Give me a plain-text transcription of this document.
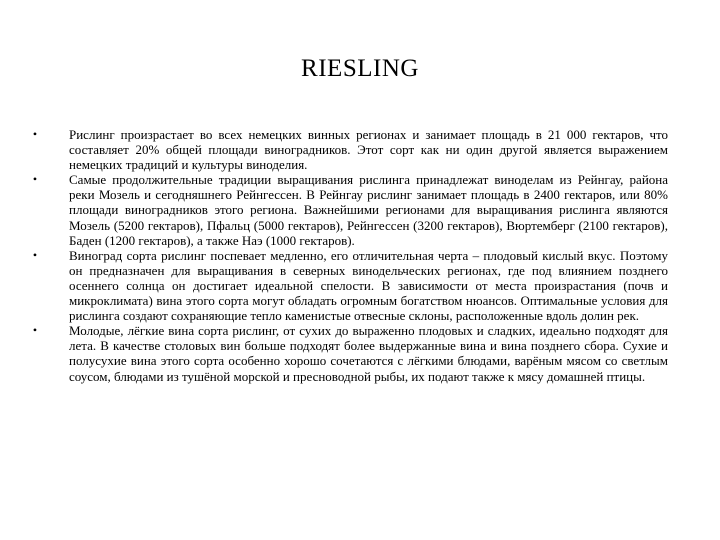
RIESLING
• Рислинг произрастает во всех немецких винных регионах и занимает площадь в 21 000 гектаров, что составляет 20% общей площади виноградников. Этот сорт как ни один другой является выражением немецких традиций и культуры виноделия.
• Самые продолжительные традиции выращивания рислинга принадлежат виноделам из Рейнгау, района реки Мозель и сегодняшнего Рейнгессен. В Рейнгау рислинг занимает площадь в 2400 гектаров, или 80% площади виноградников этого региона. Важнейшими регионами для выращивания рислинга являются Мозель (5200 гектаров), Пфальц (5000 гектаров), Рейнгессен (3200 гектаров), Вюртемберг (2100 гектаров), Баден (1200 гектаров), а также Наэ (1000 гектаров).
• Виноград сорта рислинг поспевает медленно, его отличительная черта – плодовый кислый вкус. Поэтому он предназначен для выращивания в северных винодельческих регионах, где под влиянием позднего осеннего солнца он достигает идеальной спелости. В зависимости от места произрастания (почв и микроклимата) вина этого сорта могут обладать огромным богатством нюансов. Оптимальные условия для рислинга создают сохраняющие тепло каменистые отвесные склоны, расположенные вдоль долин рек.
• Молодые, лёгкие вина сорта рислинг, от сухих до выраженно плодовых и сладких, идеально подходят для лета. В качестве столовых вин больше подходят более выдержанные вина и вина позднего сбора. Сухие и полусухие вина этого сорта особенно хорошо сочетаются с лёгкими блюдами, варёным мясом со светлым соусом, блюдами из тушёной морской и пресноводной рыбы, их подают также к мясу домашней птицы.
